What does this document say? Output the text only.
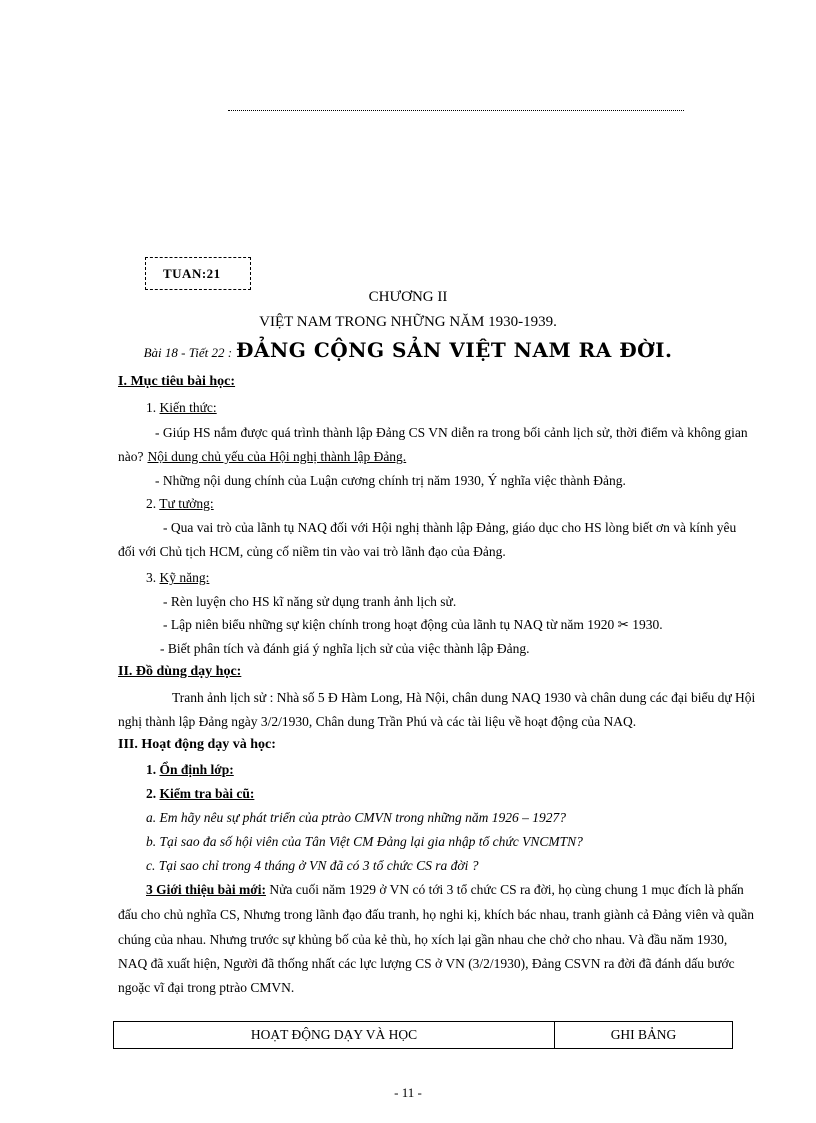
TUAN:21
CHƯƠNG II
VIỆT NAM TRONG NHỮNG NĂM 1930-1939.
Bài 18 - Tiết 22 : ĐẢNG CỘNG SẢN VIỆT NAM RA ĐỜI.
I. Mục tiêu bài học:
1. Kiến thức:
- Giúp HS nắm được quá trình thành lập Đảng CS VN diễn ra trong bối cảnh lịch sử, thời điểm và không gian
nào? Nội dung chủ yếu của Hội nghị thành lập Đảng.
- Những nội dung chính của Luận cương chính trị năm 1930, Ý nghĩa việc thành Đảng.
2. Tư tưởng:
- Qua vai trò của lãnh tụ NAQ đối với Hội nghị thành lập Đảng, giáo dục cho HS lòng biết ơn và kính yêu
đối với Chủ tịch HCM, củng cố niềm tin vào vai trò lãnh đạo của Đảng.
3. Kỹ năng:
- Rèn luyện cho HS kĩ năng sử dụng tranh ảnh lịch sử.
- Lập niên biểu những sự kiện chính trong hoạt động của lãnh tụ NAQ từ năm 1920 ✂ 1930.
- Biết phân tích và đánh giá ý nghĩa lịch sử của việc thành lập Đảng.
II. Đồ dùng dạy học:
Tranh ảnh lịch sử : Nhà số 5 Đ Hàm Long, Hà Nội, chân dung NAQ 1930 và chân dung các đại biểu dự Hội
nghị thành lập Đảng ngày 3/2/1930, Chân dung Trần Phú và các tài liệu về hoạt động của NAQ.
III. Hoạt động dạy và học:
1. Ổn định lớp:
2. Kiểm tra bài cũ:
a. Em hãy nêu sự phát triển của ptrào CMVN trong những năm 1926 – 1927?
b. Tại sao đa số hội viên của Tân Việt CM Đảng lại gia nhập tổ chức VNCMTN?
c. Tại sao chỉ trong 4 tháng ở VN đã có 3 tổ chức CS ra đời ?
3 Giới thiệu bài mới: Nửa cuối năm 1929 ở VN có tới 3 tổ chức CS ra đời, họ cùng chung 1 mục đích là phấn
đấu cho chủ nghĩa CS, Nhưng trong lãnh đạo đấu tranh, họ nghi kị, khích bác nhau, tranh giành cả Đảng viên và quần
chúng của nhau. Nhưng trước sự khủng bố của kẻ thù, họ xích lại gần nhau che chở cho nhau. Và đầu năm 1930,
NAQ đã xuất hiện, Người đã thống nhất các lực lượng CS ở VN (3/2/1930), Đảng CSVN ra đời đã đánh dấu bước
ngoặc vĩ đại trong ptrào CMVN.
HOẠT ĐỘNG DẠY VÀ HỌC	GHI BẢNG
- 11 -
